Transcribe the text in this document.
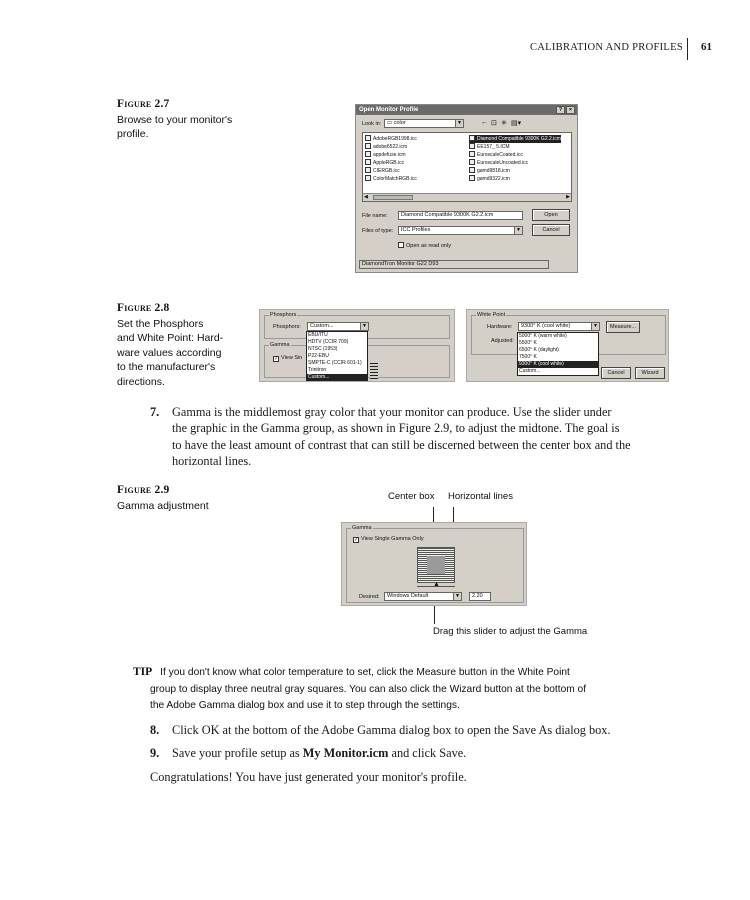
CALIBRATION AND PROFILES 61
Figure 2.7
Browse to your monitor's
profile.
Open Monitor Profile	?	×
Look in:	▭ color	▼	← ⊡ ✳ ▤▾
AdobeRGB1998.icc
adobe6522.icm
appdefuse.icm
AppleRGB.icc
CIERGB.icc
ColorMatchRGB.icc
Diamond Compatible 9300K G2.2.icm
EE157_ 5.ICM
EuroscaleCoated.icc
EuroscaleUncoated.icc
gamd9818.icm
gamd9322.icm
◀	▶
File name:	Diamond Compatible 9300K G2.2.icm
Files of type:	ICC Profiles	▼
Open
Cancel
Open as read only
DiamondTron Monitor G22 D93
Figure 2.8
Set the Phosphors
and White Point: Hard-
ware values according
to the manufacturer's
directions.
Phosphors
Phosphors:	Custom...	▼
Gamma
✓ View Sin
EBU/ITU
HDTV (CCIR 709)
NTSC (1953)
P22-EBU
SMPTE-C (CCIR 601-1)
Trinitron
Custom...
White Point
Hardware:	9300° K (cool white)	▼
Adjusted:
Measure...
5000° K (warm white)
5500° K
6500° K (daylight)
7500° K
9300° K (cool white)
Custom...	Cancel	Wizard
7.	Gamma is the middlemost gray color that your monitor can produce. Use the slider under
the graphic in the Gamma group, as shown in Figure 2.9, to adjust the midtone. The goal is
to have the least amount of contrast that can still be discerned between the center box and the
horizontal lines.
Figure 2.9
Gamma adjustment
Center box Horizontal lines
Gamma
✓ View Single Gamma Only
▲
Desired:	Windows Default	▼	2.20
Drag this slider to adjust the Gamma
TIP If you don't know what color temperature to set, click the Measure button in the White Point
group to display three neutral gray squares. You can also click the Wizard button at the bottom of
the Adobe Gamma dialog box and use it to step through the settings.
8.	Click OK at the bottom of the Adobe Gamma dialog box to open the Save As dialog box.
9.	Save your profile setup as My Monitor.icm and click Save.
Congratulations! You have just generated your monitor's profile.
